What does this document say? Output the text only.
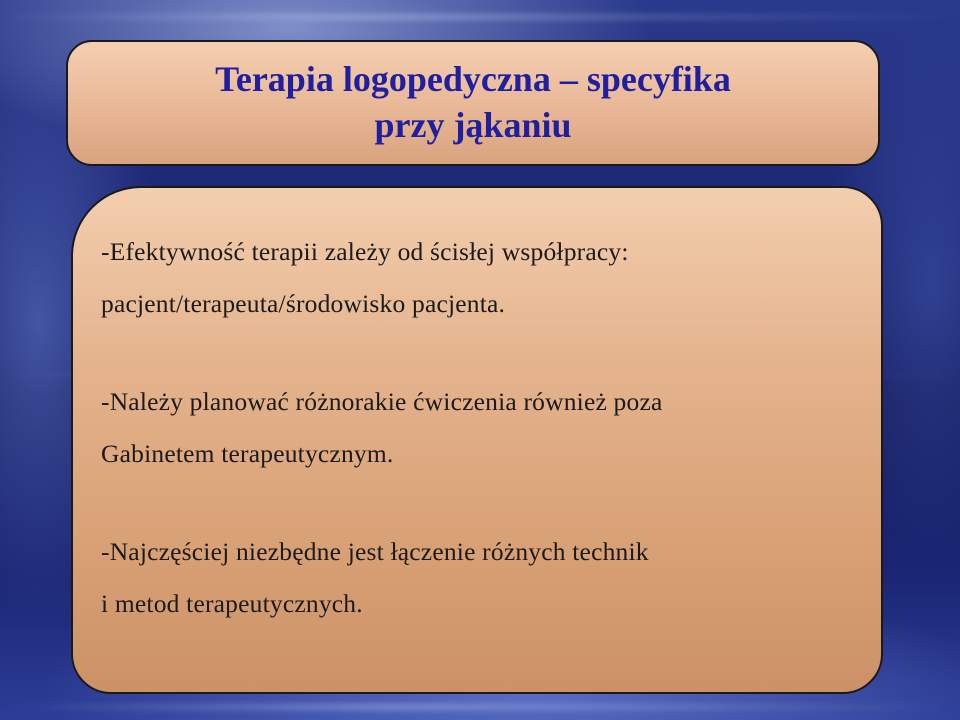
Terapia logopedyczna – specyfika
przy jąkaniu

-Efektywność terapii zależy od ścisłej współpracy:
pacjent/terapeuta/środowisko pacjenta.

-Należy planować różnorakie ćwiczenia również poza
Gabinetem terapeutycznym.

-Najczęściej niezbędne jest łączenie różnych technik
i metod terapeutycznych.
